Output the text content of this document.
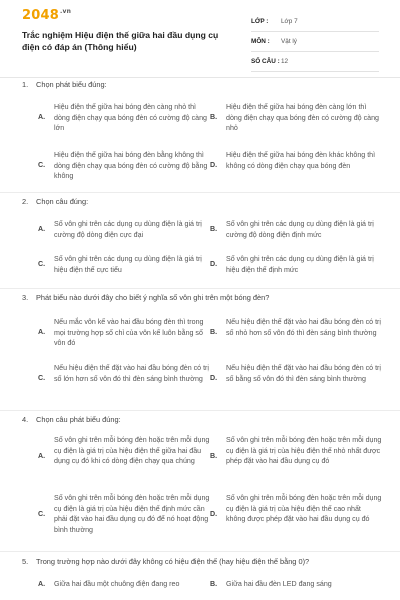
$2048^{.vn}$
Trắc nghiệm Hiệu điện thế giữa hai đầu dụng cụ điện có đáp án (Thông hiểu)
LỚP :	Lớp 7
MÔN :	Vật lý
SỐ CÂU : 12
1. Chọn phát biểu đúng:
A.
Hiệu điện thế giữa hai bóng đèn càng nhỏ thì dòng điện chạy qua bóng đèn có cường độ càng lớn
B.
Hiệu điện thế giữa hai bóng đèn càng lớn thì dòng điện chạy qua bóng đèn có cường độ càng nhỏ
C.
Hiệu điện thế giữa hai bóng đèn bằng không thì dòng điện chạy qua bóng đèn có cường độ bằng không
D.
Hiệu điện thế giữa hai bóng đèn khác không thì không có dòng điện chạy qua bóng đèn
2. Chọn câu đúng:
A.
Số vôn ghi trên các dụng cụ dùng điện là giá trị cường độ dòng điện cực đại
B.
Số vôn ghi trên các dụng cụ dùng điện là giá trị cường độ dòng điện định mức
C.
Số vôn ghi trên các dụng cụ dùng điện là giá trị hiệu điện thế cực tiểu
D.
Số vôn ghi trên các dụng cụ dùng điện là giá trị hiệu điện thế định mức
3. Phát biểu nào dưới đây cho biết ý nghĩa số vôn ghi trên một bóng đèn?
A.
Nếu mắc vôn kế vào hai đầu bóng đèn thì trong mọi trường hợp số chỉ của vôn kế luôn bằng số vôn đó
B.
Nếu hiệu điện thế đặt vào hai đầu bóng đèn có trị số nhỏ hơn số vôn đó thì đèn sáng bình thường
C.
Nếu hiệu điện thế đặt vào hai đầu bóng đèn có trị số lớn hơn số vôn đó thì đèn sáng bình thường	D.
Nếu hiệu điện thế đặt vào hai đầu bóng đèn có trị số bằng số vôn đó thì đèn sáng bình thường
4. Chọn câu phát biểu đúng:
A.
Số vôn ghi trên mỗi bóng đèn hoặc trên mỗi dụng cụ điện là giá trị của hiệu điện thế giữa hai đầu dụng cụ đó khi có dòng điện chạy qua chúng
B.
Số vôn ghi trên mỗi bóng đèn hoặc trên mỗi dụng cụ điện là giá trị của hiệu điện thế nhỏ nhất được phép đặt vào hai đầu dụng cụ đó
C.
Số vôn ghi trên mỗi bóng đèn hoặc trên mỗi dụng cụ điện là giá trị của hiệu điện thế định mức cần phải đặt vào hai đầu dụng cụ đó để nó hoạt động bình thường
D.
Số vôn ghi trên mỗi bóng đèn hoặc trên mỗi dụng cụ điện là giá trị của hiệu điện thế cao nhất không được phép đặt vào hai đầu dụng cụ đó
5. Trong trường hợp nào dưới đây không có hiệu điện thế (hay hiệu điện thế bằng 0)?
A.	Giữa hai đầu một chuông điện đang reo	B.	Giữa hai đầu đèn LED đang sáng
